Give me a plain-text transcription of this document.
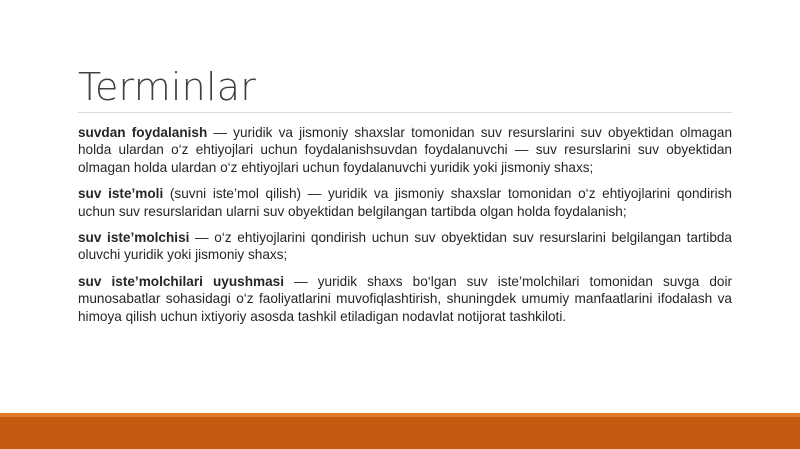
Terminlar

suvdan foydalanish — yuridik va jismoniy shaxslar tomonidan suv resurslarini suv obyektidan olmagan holda ulardan o‘z ehtiyojlari uchun foydalanishsuvdan foydalanuvchi — suv resurslarini suv obyektidan olmagan holda ulardan o‘z ehtiyojlari uchun foydalanuvchi yuridik yoki jismoniy shaxs;

suv iste’moli (suvni iste’mol qilish) — yuridik va jismoniy shaxslar tomonidan o‘z ehtiyojlarini qondirish uchun suv resurslaridan ularni suv obyektidan belgilangan tartibda olgan holda foydalanish;

suv iste’molchisi — o‘z ehtiyojlarini qondirish uchun suv obyektidan suv resurslarini belgilangan tartibda oluvchi yuridik yoki jismoniy shaxs;

suv iste’molchilari uyushmasi — yuridik shaxs bo‘lgan suv iste’molchilari tomonidan suvga doir munosabatlar sohasidagi o‘z faoliyatlarini muvofiqlashtirish, shuningdek umumiy manfaatlarini ifodalash va himoya qilish uchun ixtiyoriy asosda tashkil etiladigan nodavlat notijorat tashkiloti.
